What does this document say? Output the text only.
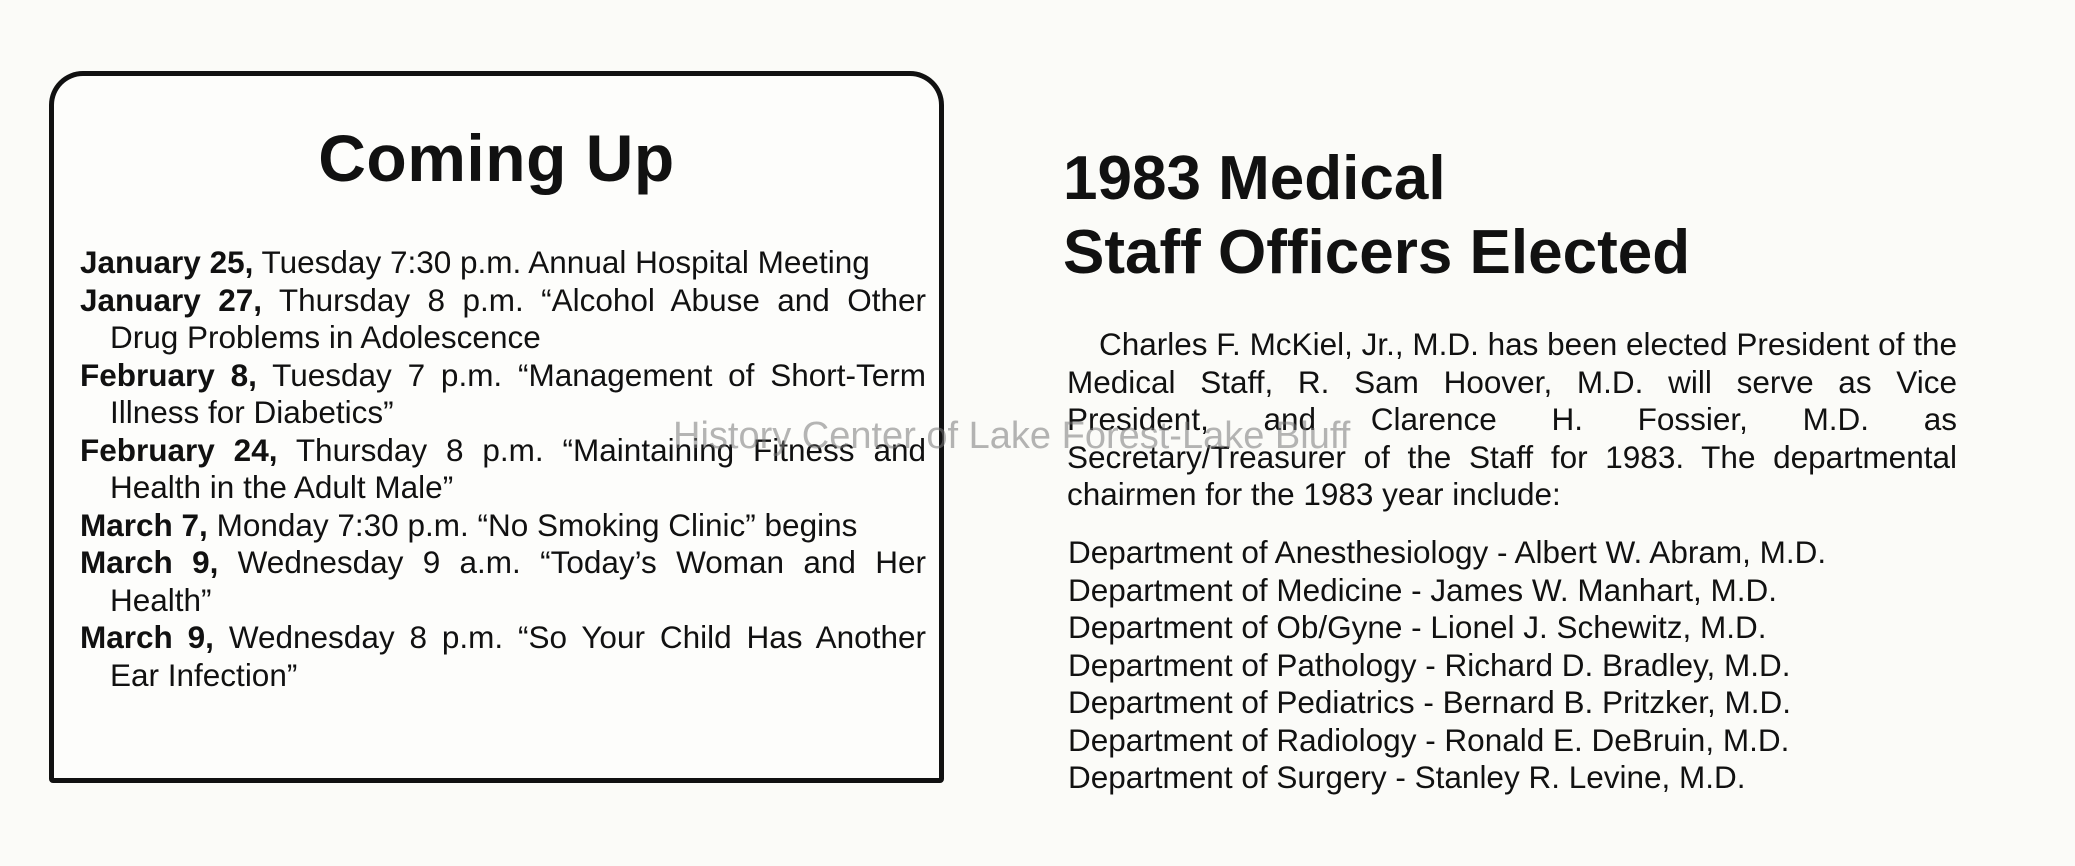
Coming Up
January 25, Tuesday 7:30 p.m. Annual Hospital Meeting
January 27, Thursday 8 p.m. “Alcohol Abuse and Other Drug Problems in Adolescence
February 8, Tuesday 7 p.m. “Management of Short-Term Illness for Diabetics”
February 24, Thursday 8 p.m. “Maintaining Fitness and Health in the Adult Male”
March 7, Monday 7:30 p.m. “No Smoking Clinic” begins
March 9, Wednesday 9 a.m. “Today’s Woman and Her Health”
March 9, Wednesday 8 p.m. “So Your Child Has Another Ear Infection”
1983 Medical
Staff Officers Elected

Charles F. McKiel, Jr., M.D. has been elected President of the Medical Staff, R. Sam Hoover, M.D. will serve as Vice President, and Clarence H. Fossier, M.D. as Secretary/Treasurer of the Staff for 1983. The departmental chairmen for the 1983 year include:

Department of Anesthesiology - Albert W. Abram, M.D.
Department of Medicine - James W. Manhart, M.D.
Department of Ob/Gyne - Lionel J. Schewitz, M.D.
Department of Pathology - Richard D. Bradley, M.D.
Department of Pediatrics - Bernard B. Pritzker, M.D.
Department of Radiology - Ronald E. DeBruin, M.D.
Department of Surgery - Stanley R. Levine, M.D.
History Center of Lake Forest-Lake Bluff
